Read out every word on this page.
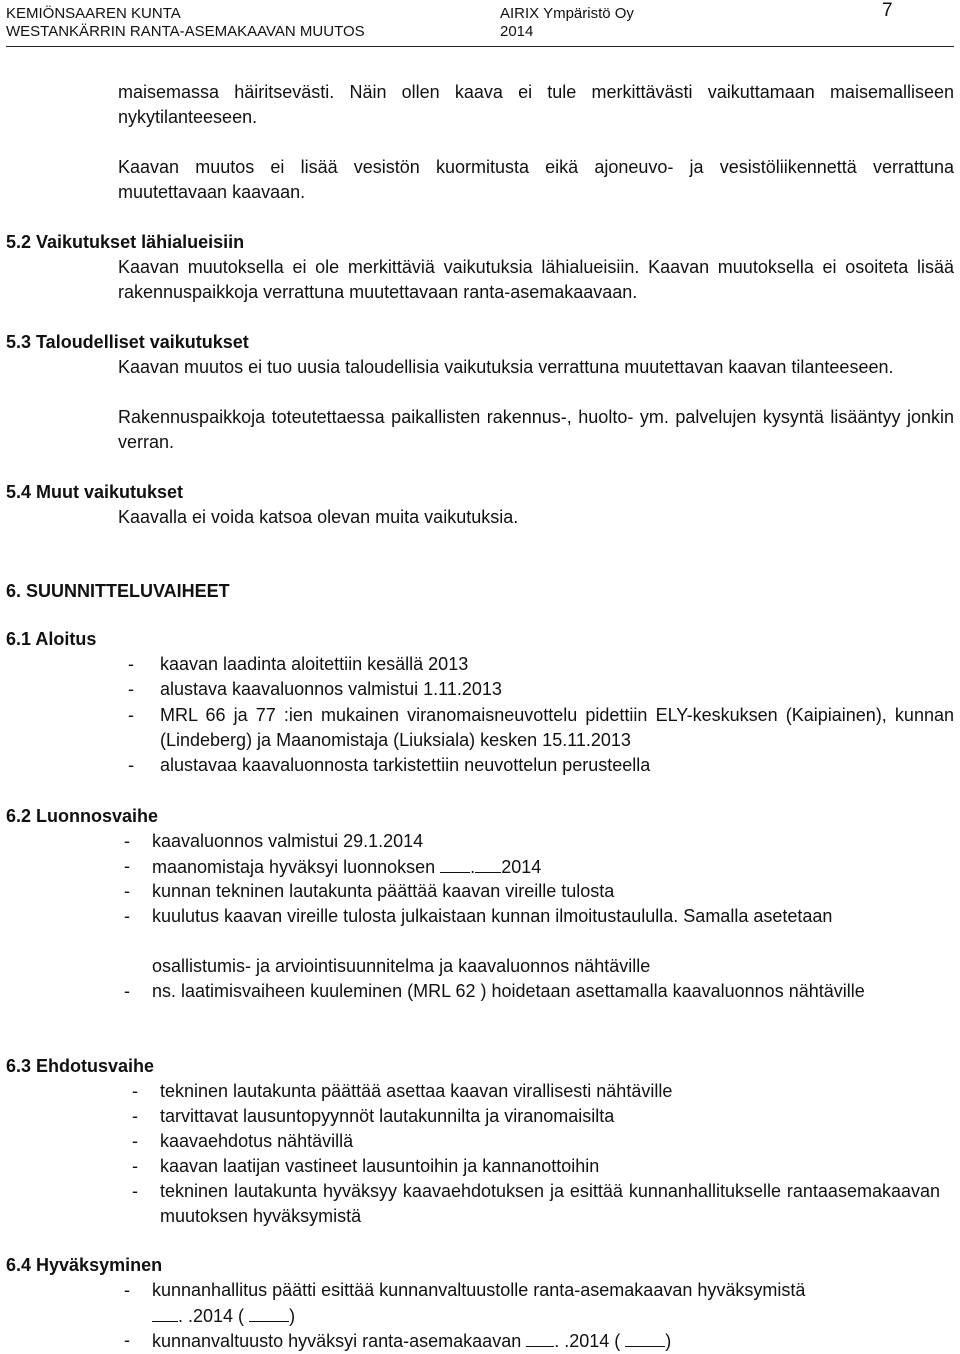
KEMIÖNSAAREN KUNTA
WESTANKÄRRIN RANTA-ASEMAKAAVAN MUUTOS
AIRIX Ympäristö Oy
2014
7

maisemassa häiritsevästi. Näin ollen kaava ei tule merkittävästi vaikuttamaan maisemalliseen nykytilanteeseen.

Kaavan muutos ei lisää vesistön kuormitusta eikä ajoneuvo- ja vesistöliikennettä verrattuna muutettavaan kaavaan.

5.2 Vaikutukset lähialueisiin

Kaavan muutoksella ei ole merkittäviä vaikutuksia lähialueisiin. Kaavan muutoksella ei osoiteta lisää rakennuspaikkoja verrattuna muutettavaan ranta-asemakaavaan.

5.3 Taloudelliset vaikutukset

Kaavan muutos ei tuo uusia taloudellisia vaikutuksia verrattuna muutettavan kaavan tilanteeseen.

Rakennuspaikkoja toteutettaessa paikallisten rakennus-, huolto- ym. palvelujen kysyntä lisääntyy jonkin verran.

5.4 Muut vaikutukset

Kaavalla ei voida katsoa olevan muita vaikutuksia.

6. SUUNNITTELUVAIHEET

6.1 Aloitus

- kaavan laadinta aloitettiin kesällä 2013

- alustava kaavaluonnos valmistui 1.11.2013

- MRL 66 ja 77 :ien mukainen viranomaisneuvottelu pidettiin ELY-keskuksen (Kaipiainen), kunnan (Lindeberg) ja Maanomistaja (Liuksiala) kesken 15.11.2013

- alustavaa kaavaluonnosta tarkistettiin neuvottelun perusteella

6.2 Luonnosvaihe

- kaavaluonnos valmistui 29.1.2014

- maanomistaja hyväksyi luonnoksen . 2014

- kunnan tekninen lautakunta päättää kaavan vireille tulosta

- kuulutus kaavan vireille tulosta julkaistaan kunnan ilmoitustaululla. Samalla asetetaan

osallistumis- ja arviointisuunnitelma ja kaavaluonnos nähtäville

- ns. laatimisvaiheen kuuleminen (MRL 62 ) hoidetaan asettamalla kaavaluonnos nähtäville

6.3 Ehdotusvaihe

- tekninen lautakunta päättää asettaa kaavan virallisesti nähtäville

- tarvittavat lausuntopyynnöt lautakunnilta ja viranomaisilta

- kaavaehdotus nähtävillä

- kaavan laatijan vastineet lausuntoihin ja kannanottoihin

- tekninen lautakunta hyväksyy kaavaehdotuksen ja esittää kunnanhallitukselle rantaasemakaavan muutoksen hyväksymistä

6.4 Hyväksyminen

- kunnanhallitus päätti esittää kunnanvaltuustolle ranta-asemakaavan hyväksymistä

. .2014 (	)

- kunnanvaltuusto hyväksyi ranta-asemakaavan . .2014 (	)
